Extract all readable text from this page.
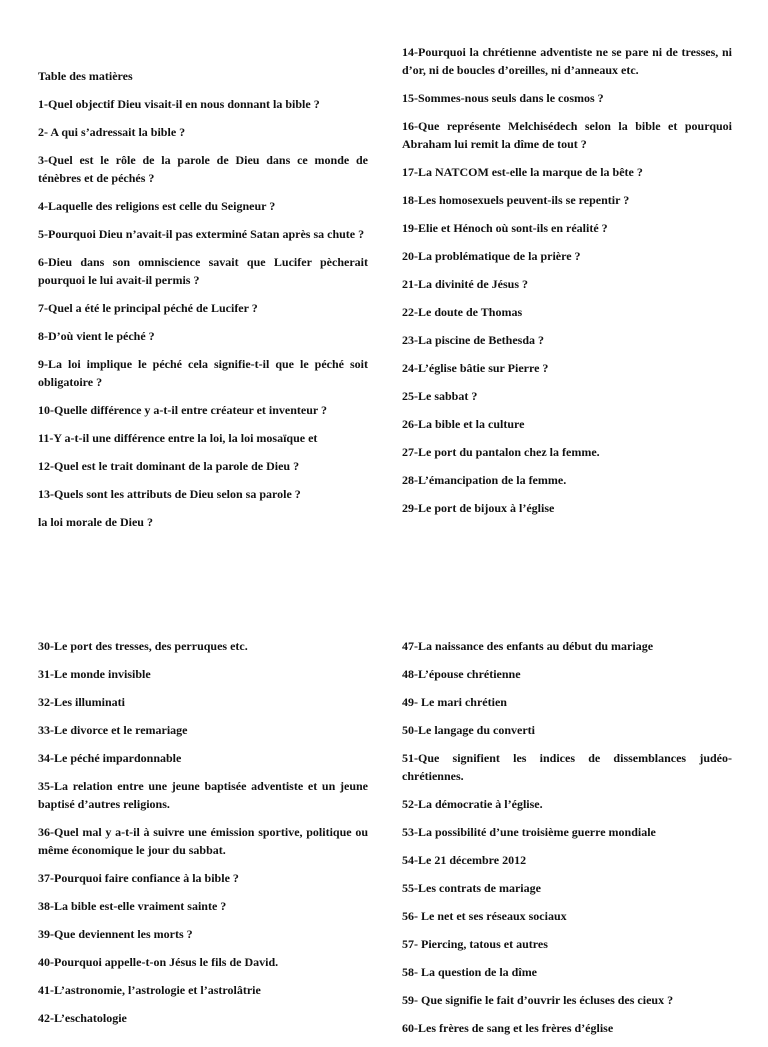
Table des matières
1-Quel objectif Dieu visait-il en nous donnant la bible ?
2- A qui s’adressait la bible ?
3-Quel est le rôle de la parole de Dieu dans ce monde de ténèbres et de péchés ?
4-Laquelle des religions est celle du Seigneur ?
5-Pourquoi Dieu n’avait-il pas exterminé Satan après sa chute ?
6-Dieu dans son omniscience savait que Lucifer pècherait pourquoi le lui avait-il permis ?
7-Quel a été le principal péché de Lucifer ?
8-D’où vient le péché ?
9-La loi implique le péché cela signifie-t-il que le péché soit obligatoire ?
10-Quelle différence y a-t-il entre créateur et inventeur ?
11-Y a-t-il une différence entre la loi, la loi mosaïque et
12-Quel est le trait dominant de la parole de Dieu ?
13-Quels sont les attributs de Dieu selon sa parole ?
la loi morale de Dieu ?
14-Pourquoi la chrétienne adventiste ne se pare ni de tresses, ni d’or, ni de boucles d’oreilles, ni d’anneaux etc.
15-Sommes-nous seuls dans le cosmos ?
16-Que représente Melchisédech selon la bible et pourquoi Abraham lui remit la dîme de tout ?
17-La NATCOM est-elle la marque de la bête ?
18-Les homosexuels peuvent-ils se repentir ?
19-Elie et Hénoch où sont-ils en réalité ?
20-La problématique de la prière ?
21-La divinité de Jésus ?
22-Le doute de Thomas
23-La piscine de Bethesda ?
24-L’église bâtie sur Pierre ?
25-Le sabbat ?
26-La bible et la culture
27-Le port du pantalon chez la femme.
28-L’émancipation de la femme.
29-Le port de bijoux à l’église
30-Le port des tresses, des perruques etc.
31-Le monde invisible
32-Les illuminati
33-Le divorce et le remariage
34-Le péché impardonnable
35-La relation entre une jeune baptisée adventiste et un jeune baptisé d’autres religions.
36-Quel mal y a-t-il à suivre une émission sportive, politique ou même économique le jour du sabbat.
37-Pourquoi faire confiance à la bible ?
38-La bible est-elle vraiment sainte ?
39-Que deviennent les morts ?
40-Pourquoi appelle-t-on Jésus le fils de David.
41-L’astronomie, l’astrologie et l’astrolâtrie
42-L’eschatologie
47-La naissance des enfants au début du mariage
48-L’épouse chrétienne
49- Le mari chrétien
50-Le langage du converti
51-Que signifient les indices de dissemblances judéo-chrétiennes.
52-La démocratie à l’église.
53-La possibilité d’une troisième guerre mondiale
54-Le 21 décembre 2012
55-Les contrats de mariage
56- Le net et ses réseaux sociaux
57- Piercing, tatous et autres
58- La question de la dîme
59- Que signifie le fait d’ouvrir les écluses des cieux ?
60-Les frères de sang et les frères d’église
